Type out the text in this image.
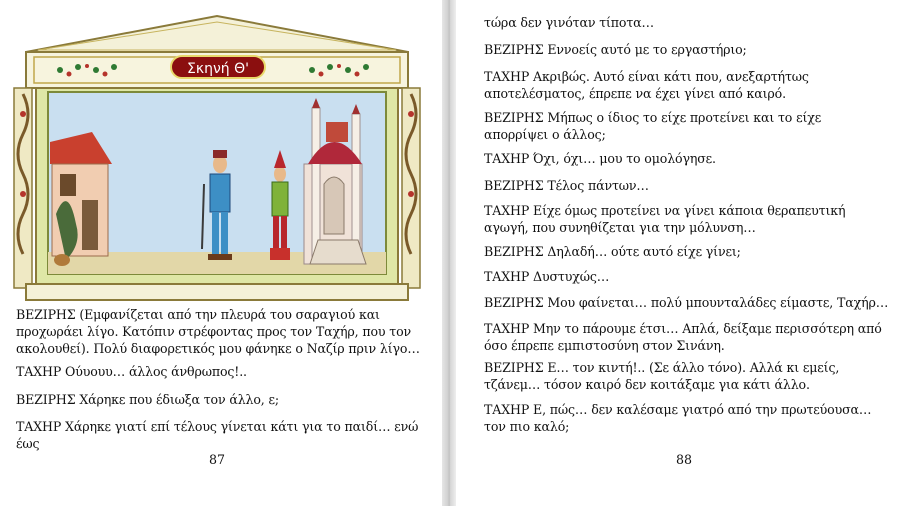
Σκηνή Θ'
ΒΕΖΙΡΗΣ (Εμφανίζεται από την πλευρά του σαραγιού και προχωράει λίγο. Κατόπιν στρέφοντας προς τον Ταχήρ, που τον ακολουθεί). Πολύ διαφορετικός μου φάνηκε ο Ναζίρ πριν λίγο…
ΤΑΧΗΡ Ούυουυ… άλλος άνθρωπος!..
ΒΕΖΙΡΗΣ Χάρηκε που έδιωξα τον άλλο, ε;
ΤΑΧΗΡ Χάρηκε γιατί επί τέλους γίνεται κάτι για το παιδί… ενώ έως
87
τώρα δεν γινόταν τίποτα…
ΒΕΖΙΡΗΣ Εννοείς αυτό με το εργαστήριο;
ΤΑΧΗΡ Ακριβώς. Αυτό είναι κάτι που, ανεξαρτήτως αποτελέσματος, έπρεπε να έχει γίνει από καιρό.
ΒΕΖΙΡΗΣ Μήπως ο ίδιος το είχε προτείνει και το είχε απορρίψει ο άλλος;
ΤΑΧΗΡ Όχι, όχι… μου το ομολόγησε.
ΒΕΖΙΡΗΣ Τέλος πάντων…
ΤΑΧΗΡ Είχε όμως προτείνει να γίνει κάποια θεραπευτική αγωγή, που συνηθίζεται για την μόλυνση…
ΒΕΖΙΡΗΣ Δηλαδή… ούτε αυτό είχε γίνει;
ΤΑΧΗΡ Δυστυχώς…
ΒΕΖΙΡΗΣ Μου φαίνεται… πολύ μπουνταλάδες είμαστε, Ταχήρ…
ΤΑΧΗΡ Μην το πάρουμε έτσι… Απλά, δείξαμε περισσότερη από όσο έπρεπε εμπιστοσύνη στον Σινάνη.
ΒΕΖΙΡΗΣ Ε… τον κιντή!.. (Σε άλλο τόνο). Αλλά κι εμείς, τζάνεμ… τόσον καιρό δεν κοιτάξαμε για κάτι άλλο.
ΤΑΧΗΡ Ε, πώς… δεν καλέσαμε γιατρό από την πρωτεύουσα… τον πιο καλό;
88
